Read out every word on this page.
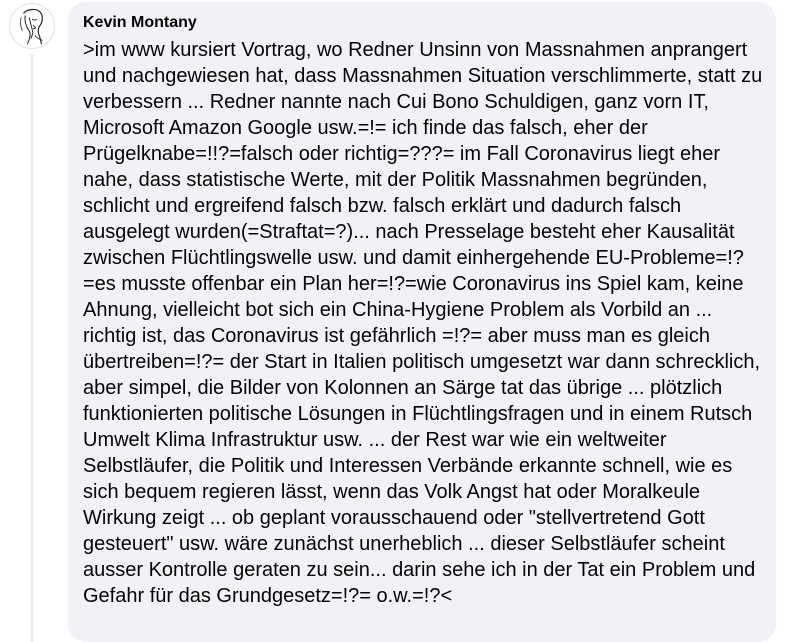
Kevin Montany

>im www kursiert Vortrag, wo Redner Unsinn von Massnahmen anprangert und nachgewiesen hat, dass Massnahmen Situation verschlimmerte, statt zu verbessern ... Redner nannte nach Cui Bono Schuldigen, ganz vorn IT, Microsoft Amazon Google usw.=!= ich finde das falsch, eher der Prügelknabe=!!?=falsch oder richtig=???= im Fall Coronavirus liegt eher nahe, dass statistische Werte, mit der Politik Massnahmen begründen, schlicht und ergreifend falsch bzw. falsch erklärt und dadurch falsch ausgelegt wurden(=Straftat=?)... nach Presselage besteht eher Kausalität zwischen Flüchtlingswelle usw. und damit einhergehende EU-Probleme=!?=es musste offenbar ein Plan her=!?=wie Coronavirus ins Spiel kam, keine Ahnung, vielleicht bot sich ein China-Hygiene Problem als Vorbild an ... richtig ist, das Coronavirus ist gefährlich =!?= aber muss man es gleich übertreiben=!?= der Start in Italien politisch umgesetzt war dann schrecklich, aber simpel, die Bilder von Kolonnen an Särge tat das übrige ... plötzlich funktionierten politische Lösungen in Flüchtlingsfragen und in einem Rutsch Umwelt Klima Infrastruktur usw. ... der Rest war wie ein weltweiter Selbstläufer, die Politik und Interessen Verbände erkannte schnell, wie es sich bequem regieren lässt, wenn das Volk Angst hat oder Moralkeule Wirkung zeigt ... ob geplant vorausschauend oder "stellvertretend Gott gesteuert" usw. wäre zunächst unerheblich ... dieser Selbstläufer scheint ausser Kontrolle geraten zu sein... darin sehe ich in der Tat ein Problem und Gefahr für das Grundgesetz=!?= o.w.=!?<
